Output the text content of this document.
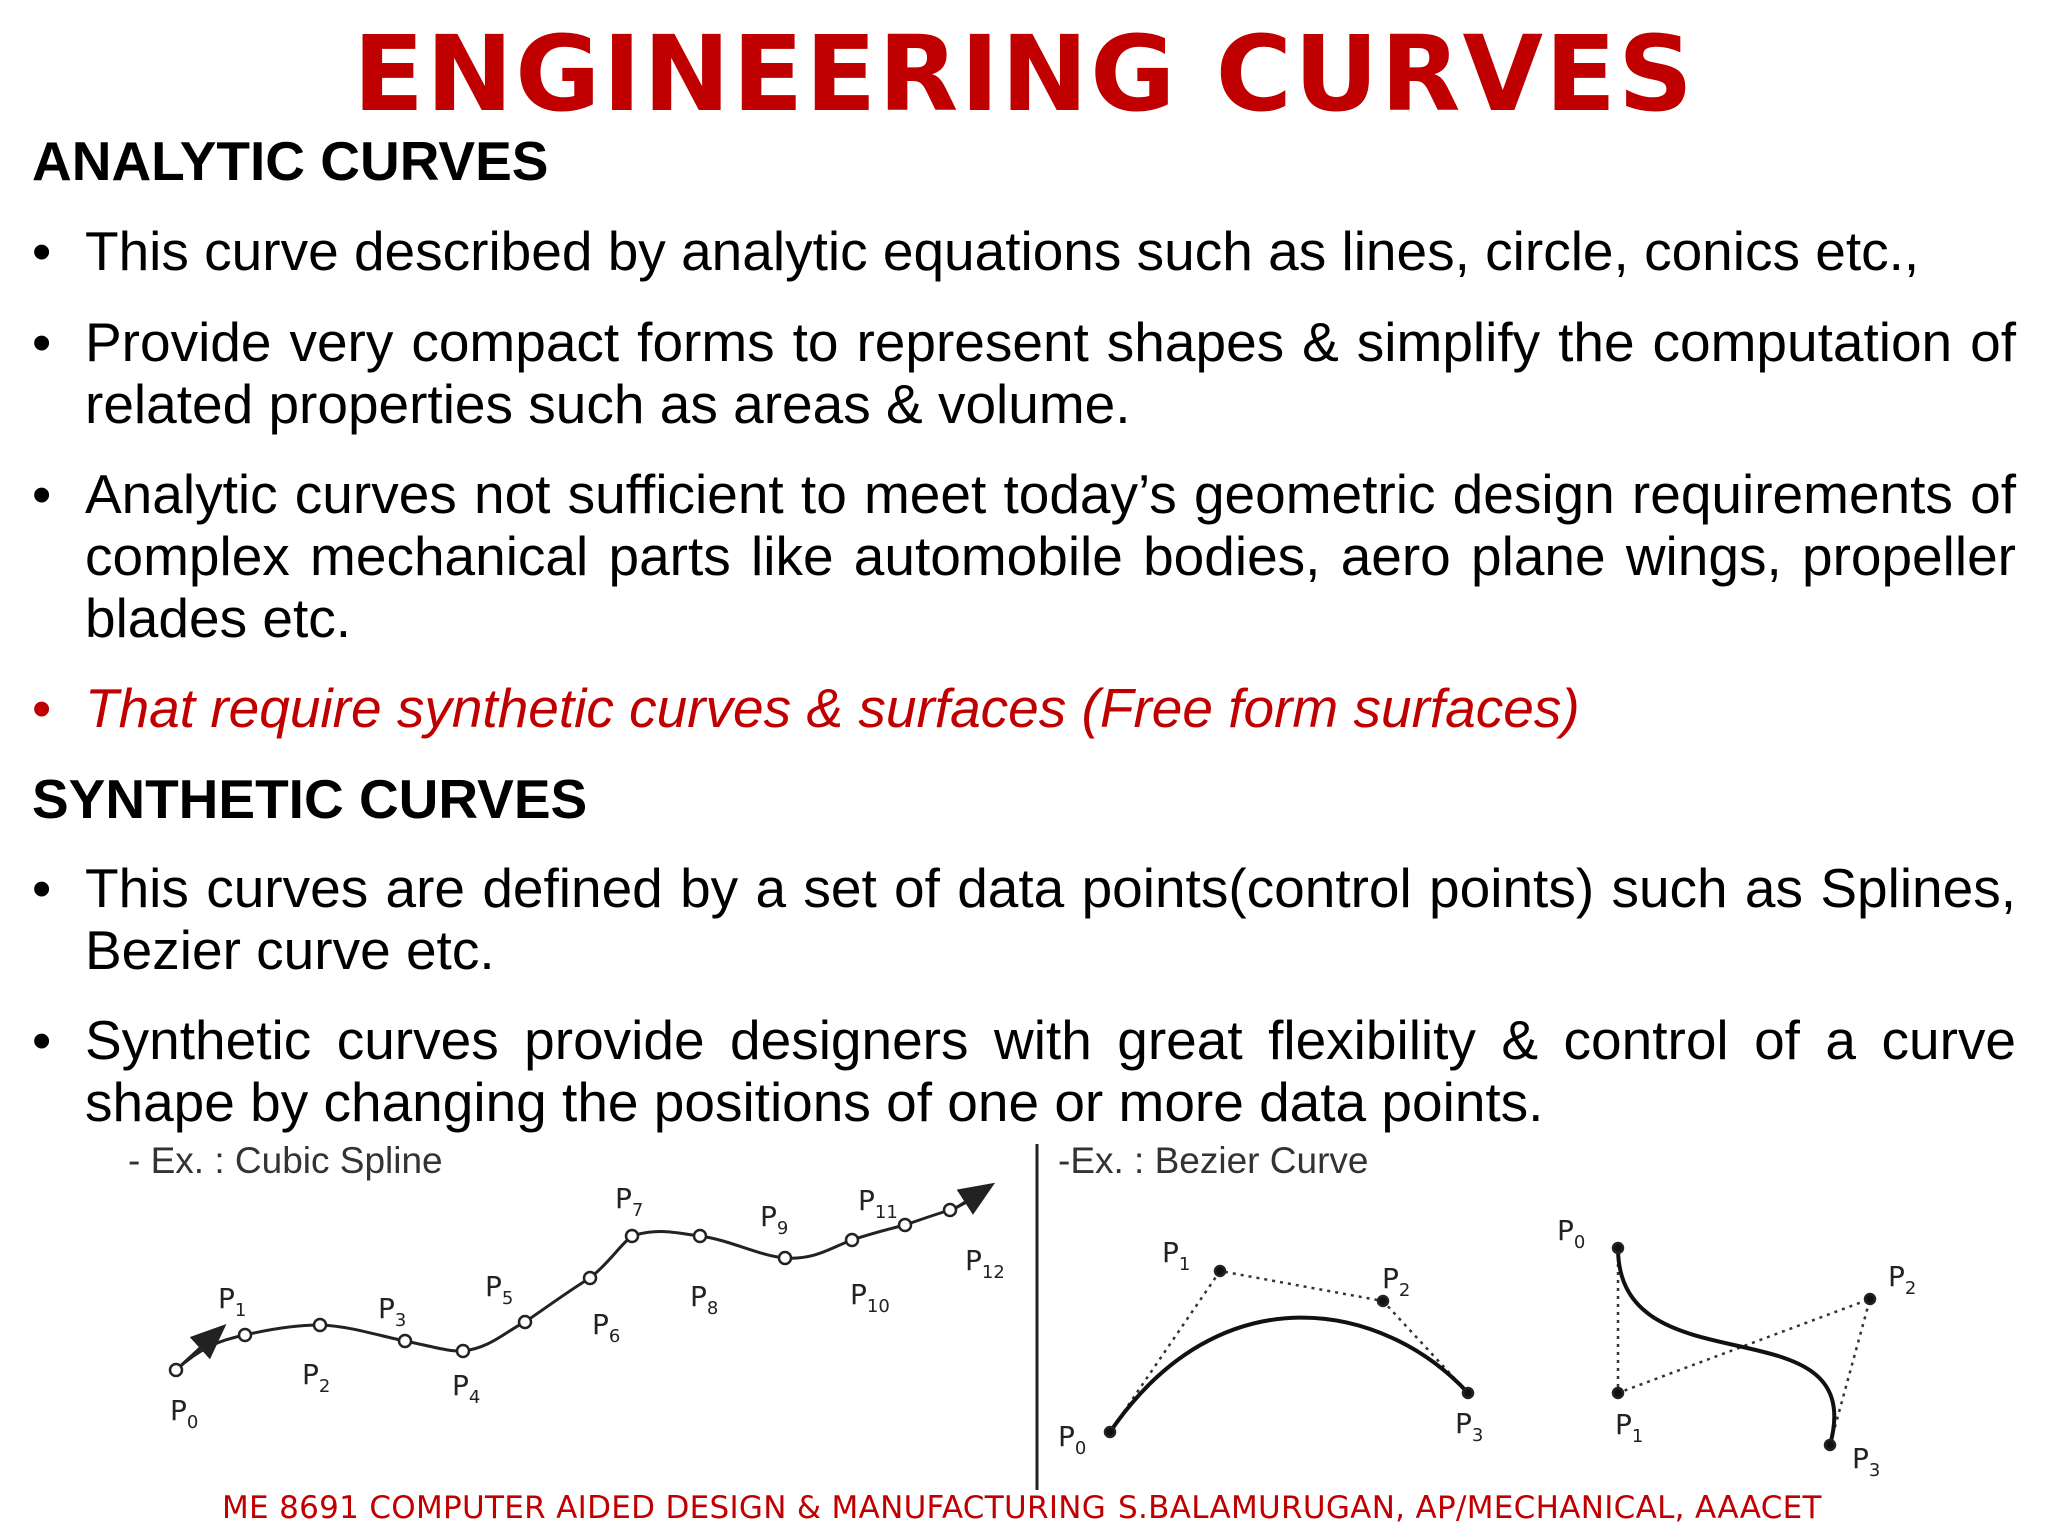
ENGINEERING CURVES
ANALYTIC CURVES
• This curve described by analytic equations such as lines, circle, conics etc.,
• Provide very compact forms to represent shapes & simplify the computation of related properties such as areas & volume.
• Analytic curves not sufficient to meet today’s geometric design requirements of complex mechanical parts like automobile bodies, aero plane wings, propeller blades etc.
• That require synthetic curves & surfaces (Free form surfaces)
SYNTHETIC CURVES
• This curves are defined by a set of data points(control points) such as Splines, Bezier curve etc.
• Synthetic curves provide designers with great flexibility & control of a curve shape by changing the positions of one or more data points.
- Ex. : Cubic Spline	-Ex. : Bezier Curve
$P_0$
$P_1$
$P_2$
$P_3$
$P_4$
$P_5$
$P_6$
$P_7$
$P_8$
$P_9$
$P_{10}$
$P_{11}$
$P_{12}$
$P_0$
$P_1$	$P_2$
$P_3$
$P_0$
$P_1$
$P_2$
$P_3$
ME 8691 COMPUTER AIDED DESIGN & MANUFACTURING S.BALAMURUGAN, AP/MECHANICAL, AAACET
